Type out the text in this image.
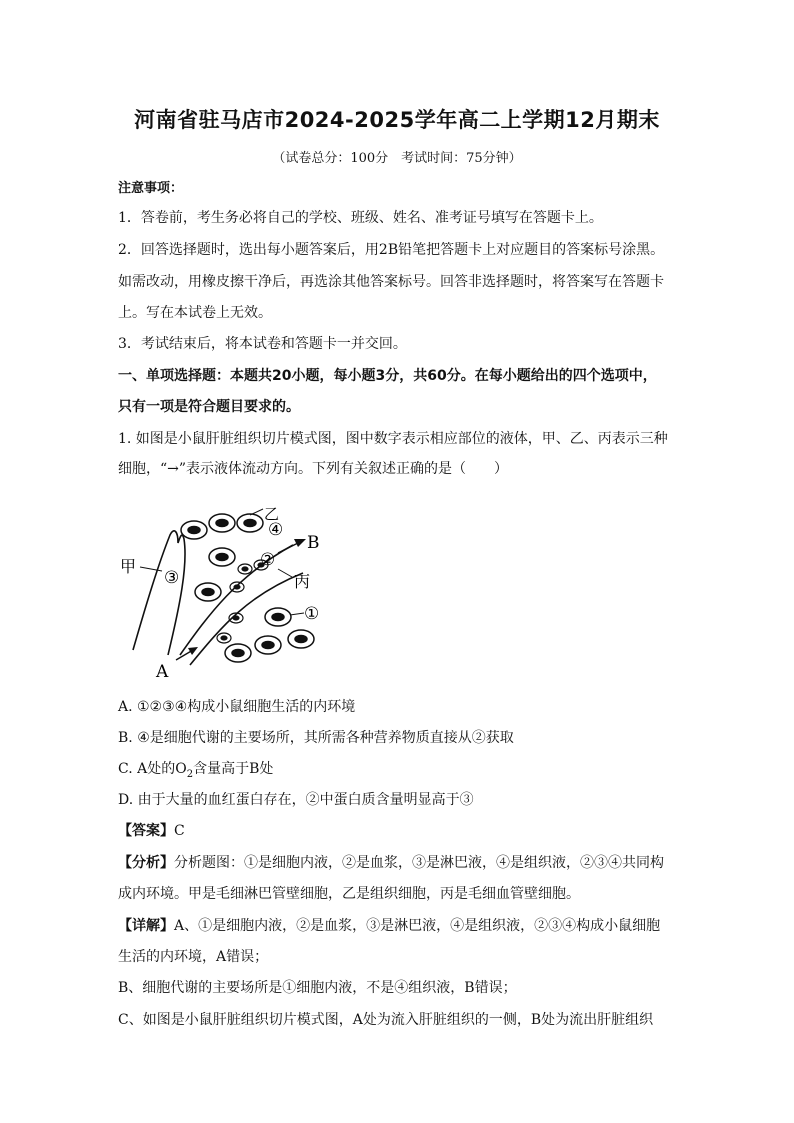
河南省驻马店市2024-2025学年高二上学期12月期末
（试卷总分：100分　考试时间：75分钟）
注意事项：
1．答卷前，考生务必将自己的学校、班级、姓名、准考证号填写在答题卡上。
2．回答选择题时，选出每小题答案后，用2B铅笔把答题卡上对应题目的答案标号涂黑。
如需改动，用橡皮擦干净后，再选涂其他答案标号。回答非选择题时，将答案写在答题卡
上。写在本试卷上无效。
3．考试结束后，将本试卷和答题卡一并交回。
一、单项选择题：本题共20小题，每小题3分，共60分。在每小题给出的四个选项中，
只有一项是符合题目要求的。
1. 如图是小鼠肝脏组织切片模式图，图中数字表示相应部位的液体，甲、乙、丙表示三种
细胞，“→”表示液体流动方向。下列有关叙述正确的是（　　）
甲
乙
④
②
B
丙
③
①
A
A. ①②③④构成小鼠细胞生活的内环境
B. ④是细胞代谢的主要场所，其所需各种营养物质直接从②获取
C. A处的$O_2$含量高于B处
D. 由于大量的血红蛋白存在，②中蛋白质含量明显高于③
【答案】C
【分析】分析题图：①是细胞内液，②是血浆，③是淋巴液，④是组织液，②③④共同构
成内环境。甲是毛细淋巴管壁细胞，乙是组织细胞，丙是毛细血管壁细胞。
【详解】A、①是细胞内液，②是血浆，③是淋巴液，④是组织液，②③④构成小鼠细胞
生活的内环境，A错误；
B、细胞代谢的主要场所是①细胞内液，不是④组织液，B错误；
C、如图是小鼠肝脏组织切片模式图，A处为流入肝脏组织的一侧，B处为流出肝脏组织
